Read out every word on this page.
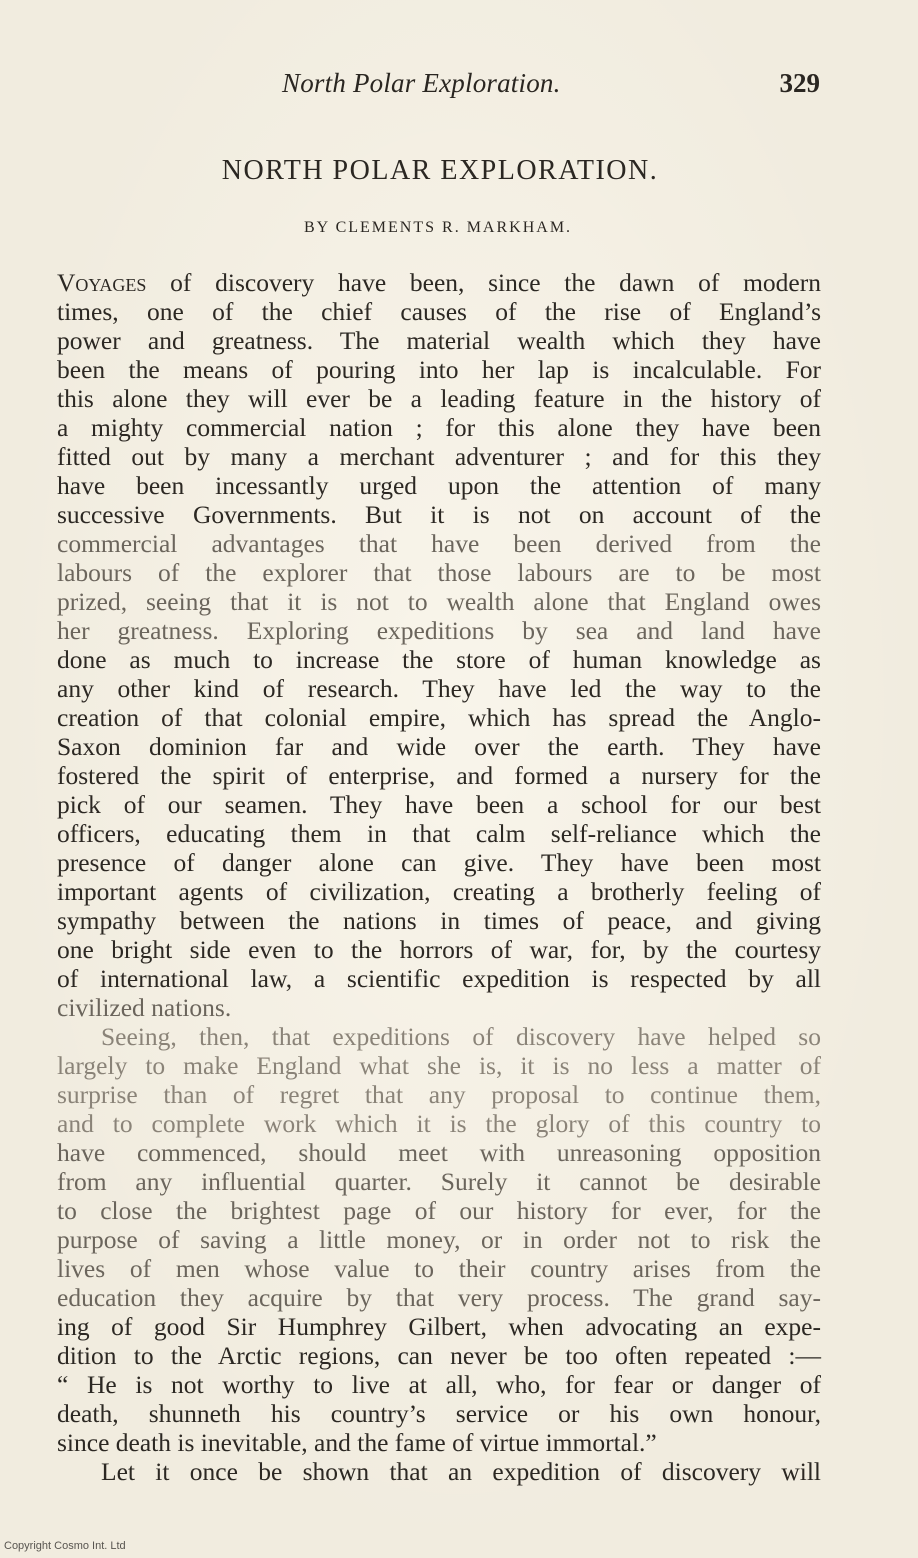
North Polar Exploration.	329
NORTH POLAR EXPLORATION.
BY CLEMENTS R. MARKHAM.
Voyages of discovery have been, since the dawn of modern
times, one of the chief causes of the rise of England’s
power and greatness. The material wealth which they have
been the means of pouring into her lap is incalculable. For
this alone they will ever be a leading feature in the history of
a mighty commercial nation ; for this alone they have been
fitted out by many a merchant adventurer ; and for this they
have been incessantly urged upon the attention of many
successive Governments. But it is not on account of the
commercial advantages that have been derived from the
labours of the explorer that those labours are to be most
prized, seeing that it is not to wealth alone that England owes
her greatness. Exploring expeditions by sea and land have
done as much to increase the store of human knowledge as
any other kind of research. They have led the way to the
creation of that colonial empire, which has spread the Anglo-
Saxon dominion far and wide over the earth. They have
fostered the spirit of enterprise, and formed a nursery for the
pick of our seamen. They have been a school for our best
officers, educating them in that calm self-reliance which the
presence of danger alone can give. They have been most
important agents of civilization, creating a brotherly feeling of
sympathy between the nations in times of peace, and giving
one bright side even to the horrors of war, for, by the courtesy
of international law, a scientific expedition is respected by all
civilized nations.
Seeing, then, that expeditions of discovery have helped so
largely to make England what she is, it is no less a matter of
surprise than of regret that any proposal to continue them,
and to complete work which it is the glory of this country to
have commenced, should meet with unreasoning opposition
from any influential quarter. Surely it cannot be desirable
to close the brightest page of our history for ever, for the
purpose of saving a little money, or in order not to risk the
lives of men whose value to their country arises from the
education they acquire by that very process. The grand say-
ing of good Sir Humphrey Gilbert, when advocating an expe-
dition to the Arctic regions, can never be too often repeated :—
“ He is not worthy to live at all, who, for fear or danger of
death, shunneth his country’s service or his own honour,
since death is inevitable, and the fame of virtue immortal.”
Let it once be shown that an expedition of discovery will
Copyright Cosmo Int. Ltd
